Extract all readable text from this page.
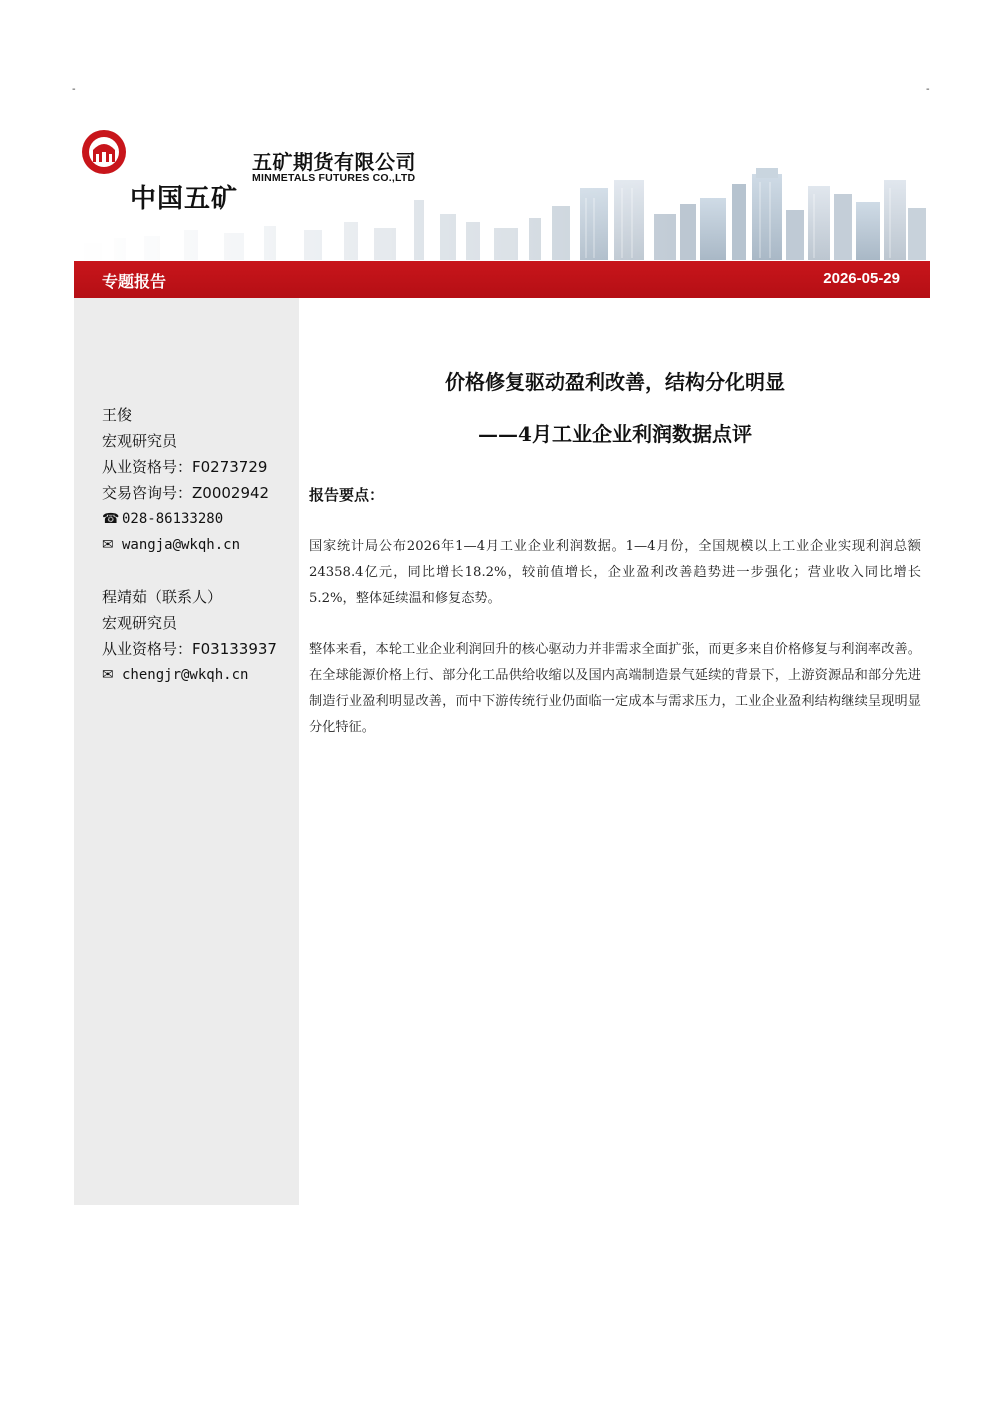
-	-
中国五矿
五矿期货有限公司
MINMETALS FUTURES CO.,LTD
专题报告	2026-05-29
王俊
宏观研究员
从业资格号：F0273729
交易咨询号：Z0002942
☎ 028-86133280
✉ wangja@wkqh.cn
程靖茹（联系人）
宏观研究员
从业资格号：F03133937
✉ chengjr@wkqh.cn
价格修复驱动盈利改善，结构分化明显
——4月工业企业利润数据点评
报告要点：

国家统计局公布2026年1—4月工业企业利润数据。1—4月份，全国规模以上工业企业实现利润总额24358.4亿元，同比增长18.2%，较前值增长，企业盈利改善趋势进一步强化；营业收入同比增长5.2%，整体延续温和修复态势。

整体来看，本轮工业企业利润回升的核心驱动力并非需求全面扩张，而更多来自价格修复与利润率改善。在全球能源价格上行、部分化工品供给收缩以及国内高端制造景气延续的背景下，上游资源品和部分先进制造行业盈利明显改善，而中下游传统行业仍面临一定成本与需求压力，工业企业盈利结构继续呈现明显分化特征。
